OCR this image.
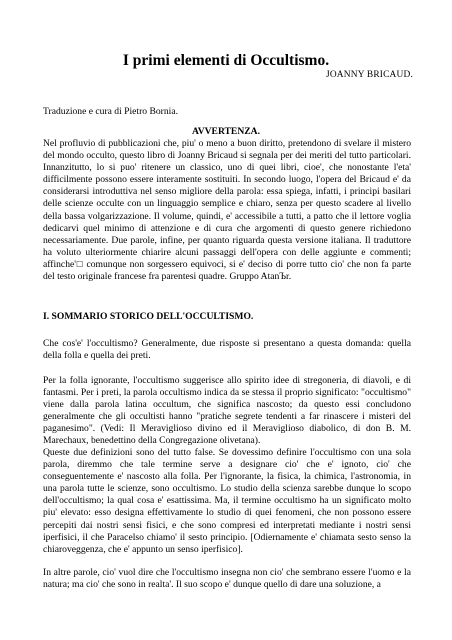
I primi elementi di Occultismo.
JOANNY BRICAUD.

Traduzione e cura di Pietro Bornia.

AVVERTENZA.

Nel profluvio di pubblicazioni che, piu' o meno a buon diritto, pretendono di svelare il mistero del mondo occulto, questo libro di Joanny Bricaud si segnala per dei meriti del tutto particolari. Innanzitutto, lo si puo' ritenere un classico, uno di quei libri, cioe', che nonostante l'eta' difficilmente possono essere interamente sostituiti. In secondo luogo, l'opera del Bricaud e' da considerarsi introduttiva nel senso migliore della parola: essa spiega, infatti, i principi basilari delle scienze occulte con un linguaggio semplice e chiaro, senza per questo scadere al livello della bassa volgarizzazione. Il volume, quindi, e' accessibile a tutti, a patto che il lettore voglia dedicarvi quel minimo di attenzione e di cura che argomenti di questo genere richiedono necessariamente. Due parole, infine, per quanto riguarda questa versione italiana. Il traduttore ha voluto ulteriormente chiarire alcuni passaggi dell'opera con delle aggiunte e commenti; affinche'□ comunque non sorgessero equivoci, si e' deciso di porre tutto cio' che non fa parte del testo originale francese fra parentesi quadre. Gruppo AtanЪr.

I. SOMMARIO STORICO DELL'OCCULTISMO.

Che cos'e' l'occultismo? Generalmente, due risposte si presentano a questa domanda: quella della folla e quella dei preti.

Per la folla ignorante, l'occultismo suggerisce allo spirito idee di stregoneria, di diavoli, e di fantasmi. Per i preti, la parola occultismo indica da se stessa il proprio significato: "occultismo" viene dalla parola latina occultum, che significa nascosto; da questo essi concludono generalmente che gli occultisti hanno "pratiche segrete tendenti a far rinascere i misteri del paganesimo". (Vedi: Il Meraviglioso divino ed il Meraviglioso diabolico, di don B. M. Marechaux, benedettino della Congregazione olivetana).

Queste due definizioni sono del tutto false. Se dovessimo definire l'occultismo con una sola parola, diremmo che tale termine serve a designare cio' che e' ignoto, cio' che conseguentemente e' nascosto alla folla. Per l'ignorante, la fisica, la chimica, l'astronomia, in una parola tutte le scienze, sono occultismo. Lo studio della scienza sarebbe dunque lo scopo dell'occultismo; la qual cosa e' esattissima. Ma, il termine occultismo ha un significato molto piu' elevato: esso designa effettivamente lo studio di quei fenomeni, che non possono essere percepiti dai nostri sensi fisici, e che sono compresi ed interpretati mediante i nostri sensi iperfisici, il che Paracelso chiamo' il sesto principio. [Odiernamente e' chiamata sesto senso la chiaroveggenza, che e' appunto un senso iperfisico].

In altre parole, cio' vuol dire che l'occultismo insegna non cio' che sembrano essere l'uomo e la natura; ma cio' che sono in realta'. Il suo scopo e' dunque quello di dare una soluzione, a
